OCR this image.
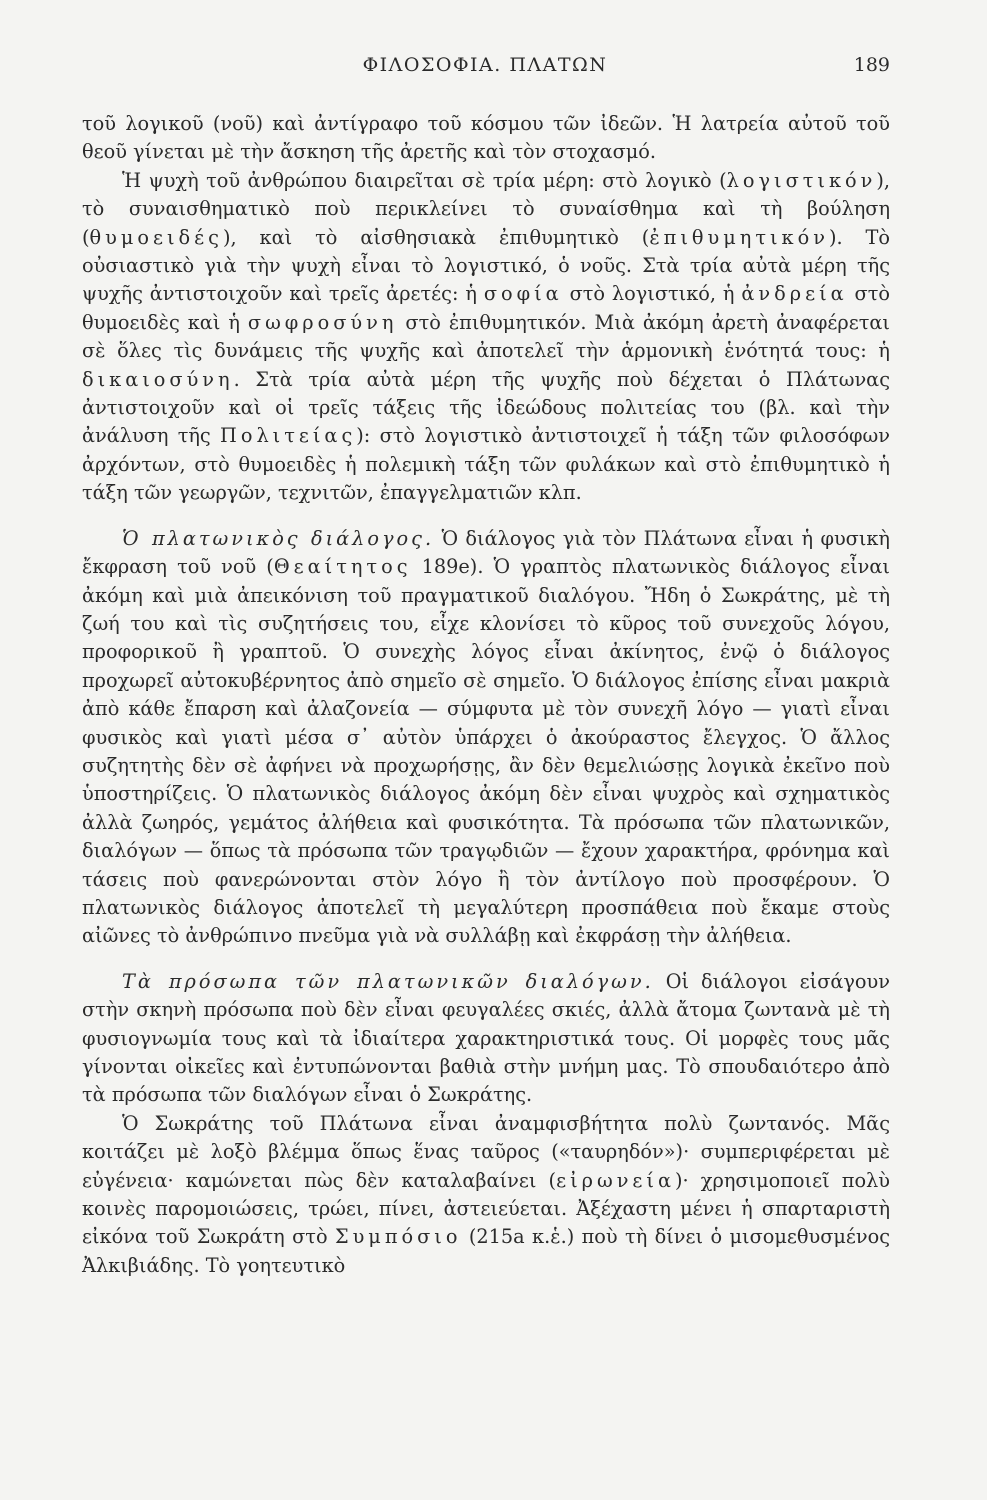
ΦΙΛΟΣΟΦΙΑ. ΠΛΑΤΩΝ	189

τοῦ λογικοῦ (νοῦ) καὶ ἀντίγραφο τοῦ κόσμου τῶν ἰδεῶν. Ἡ λατρεία αὐτοῦ τοῦ θεοῦ γίνεται μὲ τὴν ἄσκηση τῆς ἀρετῆς καὶ τὸν στοχασμό.

Ἡ ψυχὴ τοῦ ἀνθρώπου διαιρεῖται σὲ τρία μέρη: στὸ λογικὸ (λογιστικόν), τὸ συναισθηματικὸ ποὺ περικλείνει τὸ συναίσθημα καὶ τὴ βούληση (θυμοειδές), καὶ τὸ αἰσθησιακὰ ἐπιθυμητικὸ (ἐπιθυμητικόν). Τὸ οὐσιαστικὸ γιὰ τὴν ψυχὴ εἶναι τὸ λογιστικό, ὁ νοῦς. Στὰ τρία αὐτὰ μέρη τῆς ψυχῆς ἀντιστοιχοῦν καὶ τρεῖς ἀρετές: ἡ σοφία στὸ λογιστικό, ἡ ἀνδρεία στὸ θυμοειδὲς καὶ ἡ σωφροσύνη στὸ ἐπιθυμητικόν. Μιὰ ἀκόμη ἀρετὴ ἀναφέρεται σὲ ὅλες τὶς δυνάμεις τῆς ψυχῆς καὶ ἀποτελεῖ τὴν ἁρμονικὴ ἑνότητά τους: ἡ δικαιοσύνη. Στὰ τρία αὐτὰ μέρη τῆς ψυχῆς ποὺ δέχεται ὁ Πλάτωνας ἀντιστοιχοῦν καὶ οἱ τρεῖς τάξεις τῆς ἰδεώδους πολιτείας του (βλ. καὶ τὴν ἀνάλυση τῆς Πολιτείας): στὸ λογιστικὸ ἀντιστοιχεῖ ἡ τάξη τῶν φιλοσόφων ἀρχόντων, στὸ θυμοειδὲς ἡ πολεμικὴ τάξη τῶν φυλάκων καὶ στὸ ἐπιθυμητικὸ ἡ τάξη τῶν γεωργῶν, τεχνιτῶν, ἐπαγγελματιῶν κλπ.

Ὁ πλατωνικὸς διάλογος. Ὁ διάλογος γιὰ τὸν Πλάτωνα εἶναι ἡ φυσικὴ ἔκφραση τοῦ νοῦ (Θεαίτητος 189e). Ὁ γραπτὸς πλατωνικὸς διάλογος εἶναι ἀκόμη καὶ μιὰ ἀπεικόνιση τοῦ πραγματικοῦ διαλόγου. Ἤδη ὁ Σωκράτης, μὲ τὴ ζωή του καὶ τὶς συζητήσεις του, εἶχε κλονίσει τὸ κῦρος τοῦ συνεχοῦς λόγου, προφορικοῦ ἢ γραπτοῦ. Ὁ συνεχὴς λόγος εἶναι ἀκίνητος, ἐνῷ ὁ διάλογος προχωρεῖ αὐτοκυβέρνητος ἀπὸ σημεῖο σὲ σημεῖο. Ὁ διάλογος ἐπίσης εἶναι μακριὰ ἀπὸ κάθε ἔπαρση καὶ ἀλαζονεία — σύμφυτα μὲ τὸν συνεχῆ λόγο — γιατὶ εἶναι φυσικὸς καὶ γιατὶ μέσα σ᾽ αὐτὸν ὑπάρχει ὁ ἀκούραστος ἔλεγχος. Ὁ ἄλλος συζητητὴς δὲν σὲ ἀφήνει νὰ προχωρήσῃς, ἂν δὲν θεμελιώσῃς λογικὰ ἐκεῖνο ποὺ ὑποστηρίζεις. Ὁ πλατωνικὸς διάλογος ἀκόμη δὲν εἶναι ψυχρὸς καὶ σχηματικὸς ἀλλὰ ζωηρός, γεμάτος ἀλήθεια καὶ φυσικότητα. Τὰ πρόσωπα τῶν πλατωνικῶν, διαλόγων — ὅπως τὰ πρόσωπα τῶν τραγῳδιῶν — ἔχουν χαρακτήρα, φρόνημα καὶ τάσεις ποὺ φανερώνονται στὸν λόγο ἢ τὸν ἀντίλογο ποὺ προσφέρουν. Ὁ πλατωνικὸς διάλογος ἀποτελεῖ τὴ μεγαλύτερη προσπάθεια ποὺ ἔκαμε στοὺς αἰῶνες τὸ ἀνθρώπινο πνεῦμα γιὰ νὰ συλλάβῃ καὶ ἐκφράσῃ τὴν ἀλήθεια.

Τὰ πρόσωπα τῶν πλατωνικῶν διαλόγων. Οἱ διάλογοι εἰσάγουν στὴν σκηνὴ πρόσωπα ποὺ δὲν εἶναι φευγαλέες σκιές, ἀλλὰ ἄτομα ζωντανὰ μὲ τὴ φυσιογνωμία τους καὶ τὰ ἰδιαίτερα χαρακτηριστικά τους. Οἱ μορφὲς τους μᾶς γίνονται οἰκεῖες καὶ ἐντυπώνονται βαθιὰ στὴν μνήμη μας. Τὸ σπουδαιότερο ἀπὸ τὰ πρόσωπα τῶν διαλόγων εἶναι ὁ Σωκράτης.

Ὁ Σωκράτης τοῦ Πλάτωνα εἶναι ἀναμφισβήτητα πολὺ ζωντανός. Μᾶς κοιτάζει μὲ λοξὸ βλέμμα ὅπως ἕνας ταῦρος («ταυρηδόν»)· συμπεριφέρεται μὲ εὐγένεια· καμώνεται πὼς δὲν καταλαβαίνει (εἰρωνεία)· χρησιμοποιεῖ πολὺ κοινὲς παρομοιώσεις, τρώει, πίνει, ἀστειεύεται. Ἀξέχαστη μένει ἡ σπαρταριστὴ εἰκόνα τοῦ Σωκράτη στὸ Συμπόσιο (215a κ.ἑ.) ποὺ τὴ δίνει ὁ μισομεθυσμένος Ἀλκιβιάδης. Τὸ γοητευτικὸ
